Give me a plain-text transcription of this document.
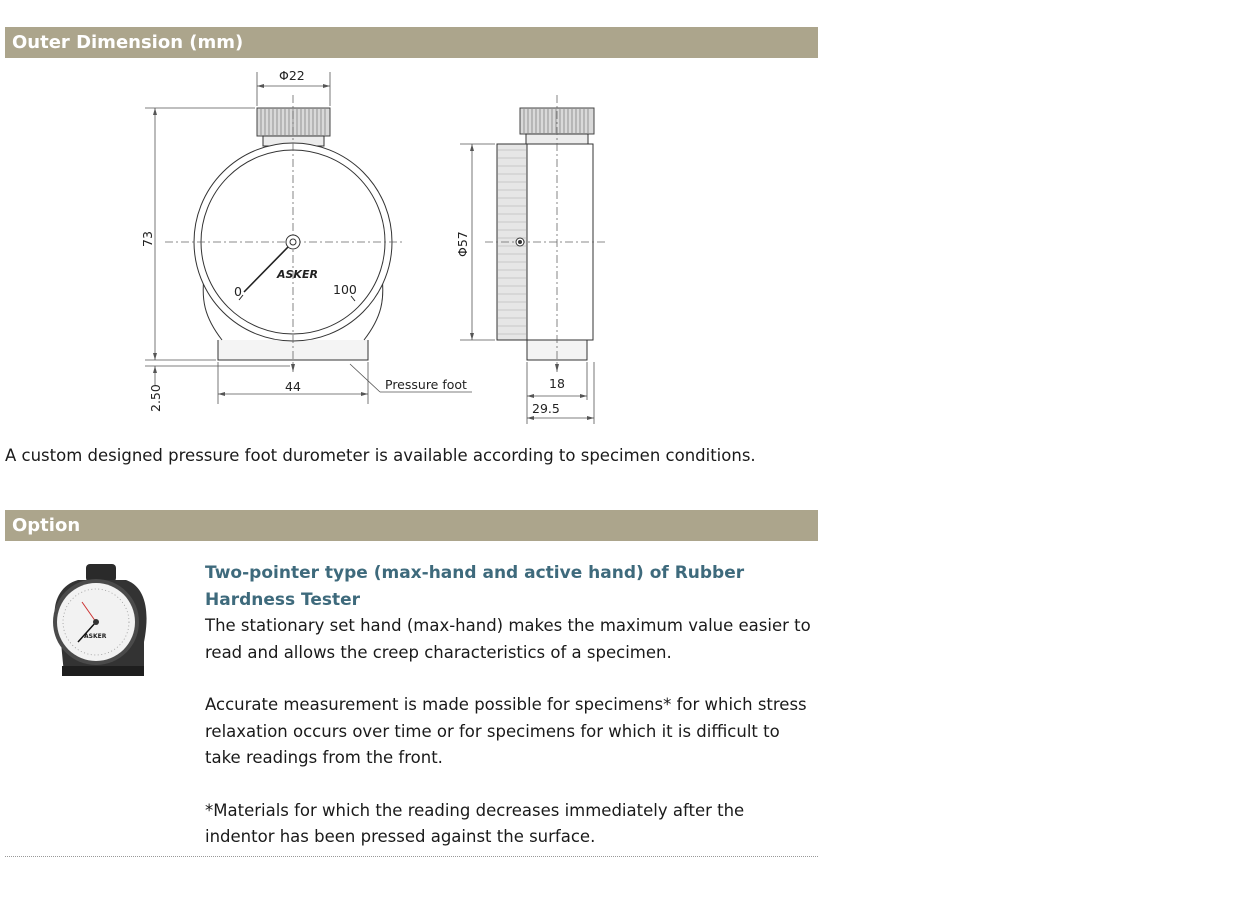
Outer Dimension (mm)
0	100
ASKER
Φ22
73
2.50	44	Pressure foot
Φ57
18
29.5
A custom designed pressure foot durometer is available according to specimen conditions.
Option
ASKER

Two-pointer type (max-hand and active hand) of Rubber Hardness Tester

The stationary set hand (max-hand) makes the maximum value easier to read and allows the creep characteristics of a specimen.

Accurate measurement is made possible for specimens* for which stress relaxation occurs over time or for specimens for which it is difficult to take readings from the front.

*Materials for which the reading decreases immediately after the indentor has been pressed against the surface.
